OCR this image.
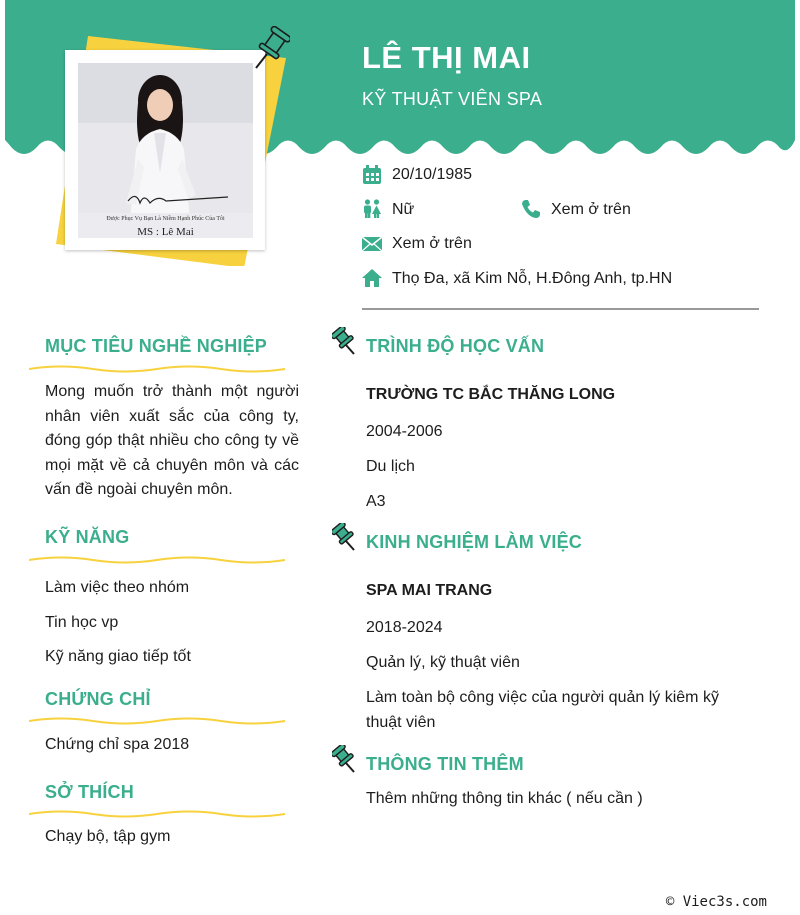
Được Phục Vụ Bạn Là Niềm Hạnh Phúc Của Tôi
MS : Lê Mai
LÊ THỊ MAI
KỸ THUẬT VIÊN SPA
20/10/1985
Nữ	Xem ở trên
Xem ở trên
Thọ Đa, xã Kim Nỗ, H.Đông Anh, tp.HN
MỤC TIÊU NGHỀ NGHIỆP
Mong muốn trở thành một người nhân viên xuất sắc của công ty, đóng góp thật nhiều cho công ty về mọi mặt về cả chuyên môn và các vấn đề ngoài chuyên môn.
KỸ NĂNG
Làm việc theo nhóm
Tin học vp
Kỹ năng giao tiếp tốt
CHỨNG CHỈ
Chứng chỉ spa 2018
SỞ THÍCH
Chạy bộ, tập gym
TRÌNH ĐỘ HỌC VẤN
TRƯỜNG TC BẮC THĂNG LONG
2004-2006
Du lịch
A3
KINH NGHIỆM LÀM VIỆC
SPA MAI TRANG
2018-2024
Quản lý, kỹ thuật viên
Làm toàn bộ công việc của người quản lý kiêm kỹ thuật viên
THÔNG TIN THÊM
Thêm những thông tin khác ( nếu cần )
© Viec3s.com
